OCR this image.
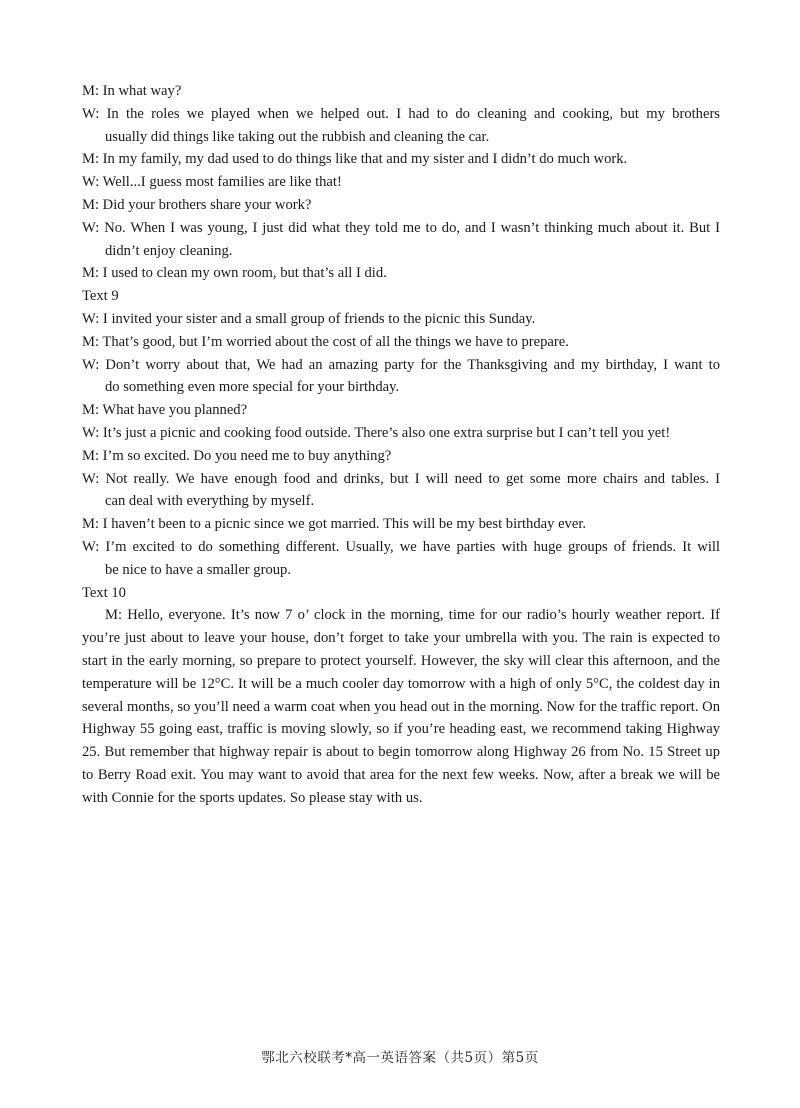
M: In what way?
W: In the roles we played when we helped out. I had to do cleaning and cooking, but my brothers
usually did things like taking out the rubbish and cleaning the car.
M: In my family, my dad used to do things like that and my sister and I didn’t do much work.
W: Well...I guess most families are like that!
M: Did your brothers share your work?
W: No. When I was young, I just did what they told me to do, and I wasn’t thinking much about it. But I
didn’t enjoy cleaning.
M: I used to clean my own room, but that’s all I did.

Text 9

W: I invited your sister and a small group of friends to the picnic this Sunday.
M: That’s good, but I’m worried about the cost of all the things we have to prepare.
W: Don’t worry about that, We had an amazing party for the Thanksgiving and my birthday, I want to
do something even more special for your birthday.
M: What have you planned?
W: It’s just a picnic and cooking food outside. There’s also one extra surprise but I can’t tell you yet!
M: I’m so excited. Do you need me to buy anything?
W: Not really. We have enough food and drinks, but I will need to get some more chairs and tables. I
can deal with everything by myself.
M: I haven’t been to a picnic since we got married. This will be my best birthday ever.
W: I’m excited to do something different. Usually, we have parties with huge groups of friends. It will
be nice to have a smaller group.

Text 10

M: Hello, everyone. It’s now 7 o’ clock in the morning, time for our radio’s hourly weather report. If you’re just about to leave your house, don’t forget to take your umbrella with you. The rain is expected to start in the early morning, so prepare to protect yourself. However, the sky will clear this afternoon, and the temperature will be 12°C. It will be a much cooler day tomorrow with a high of only 5°C, the coldest day in several months, so you’ll need a warm coat when you head out in the morning. Now for the traffic report. On Highway 55 going east, traffic is moving slowly, so if you’re heading east, we recommend taking Highway 25. But remember that highway repair is about to begin tomorrow along Highway 26 from No. 15 Street up to Berry Road exit. You may want to avoid that area for the next few weeks. Now, after a break we will be with Connie for the sports updates. So please stay with us.

鄂北六校联考*高一英语答案（共5页）第5页
